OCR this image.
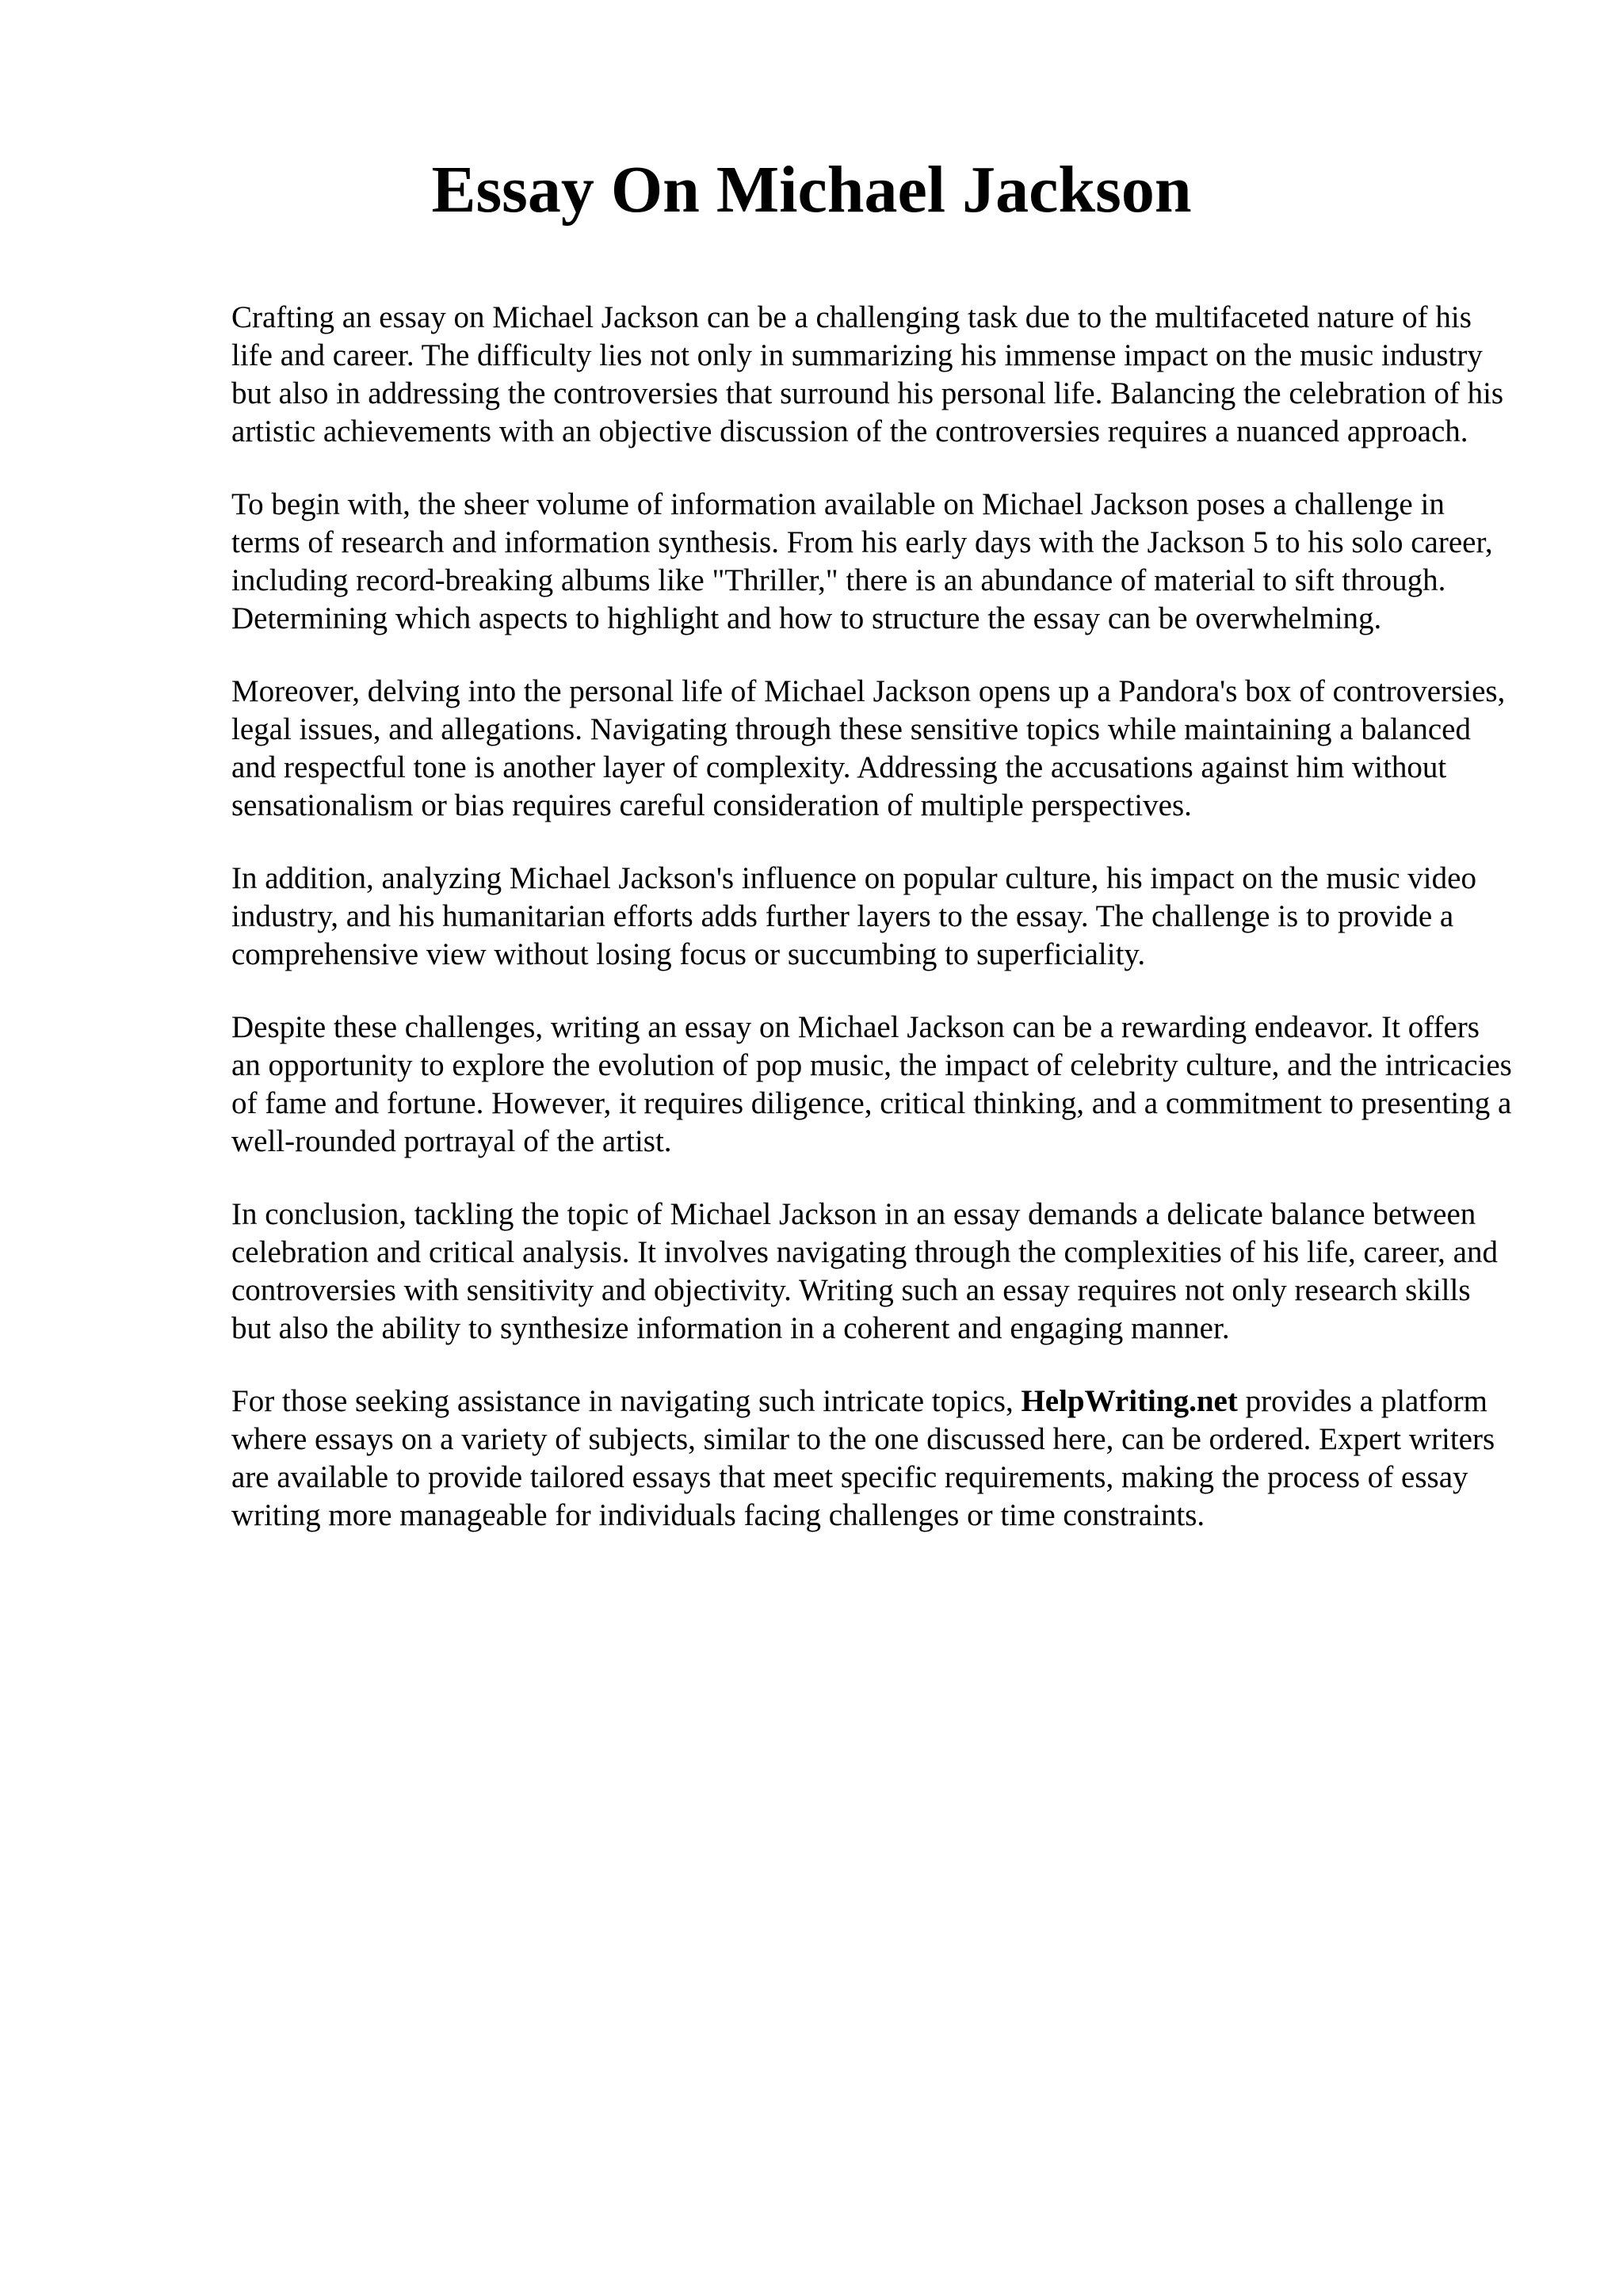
Essay On Michael Jackson

Crafting an essay on Michael Jackson can be a challenging task due to the multifaceted nature of his life and career. The difficulty lies not only in summarizing his immense impact on the music industry but also in addressing the controversies that surround his personal life. Balancing the celebration of his artistic achievements with an objective discussion of the controversies requires a nuanced approach.

To begin with, the sheer volume of information available on Michael Jackson poses a challenge in terms of research and information synthesis. From his early days with the Jackson 5 to his solo career, including record-breaking albums like "Thriller," there is an abundance of material to sift through. Determining which aspects to highlight and how to structure the essay can be overwhelming.

Moreover, delving into the personal life of Michael Jackson opens up a Pandora's box of controversies, legal issues, and allegations. Navigating through these sensitive topics while maintaining a balanced and respectful tone is another layer of complexity. Addressing the accusations against him without sensationalism or bias requires careful consideration of multiple perspectives.

In addition, analyzing Michael Jackson's influence on popular culture, his impact on the music video industry, and his humanitarian efforts adds further layers to the essay. The challenge is to provide a comprehensive view without losing focus or succumbing to superficiality.

Despite these challenges, writing an essay on Michael Jackson can be a rewarding endeavor. It offers an opportunity to explore the evolution of pop music, the impact of celebrity culture, and the intricacies of fame and fortune. However, it requires diligence, critical thinking, and a commitment to presenting a well-rounded portrayal of the artist.

In conclusion, tackling the topic of Michael Jackson in an essay demands a delicate balance between celebration and critical analysis. It involves navigating through the complexities of his life, career, and controversies with sensitivity and objectivity. Writing such an essay requires not only research skills but also the ability to synthesize information in a coherent and engaging manner.

For those seeking assistance in navigating such intricate topics, HelpWriting.net provides a platform where essays on a variety of subjects, similar to the one discussed here, can be ordered. Expert writers are available to provide tailored essays that meet specific requirements, making the process of essay writing more manageable for individuals facing challenges or time constraints.
